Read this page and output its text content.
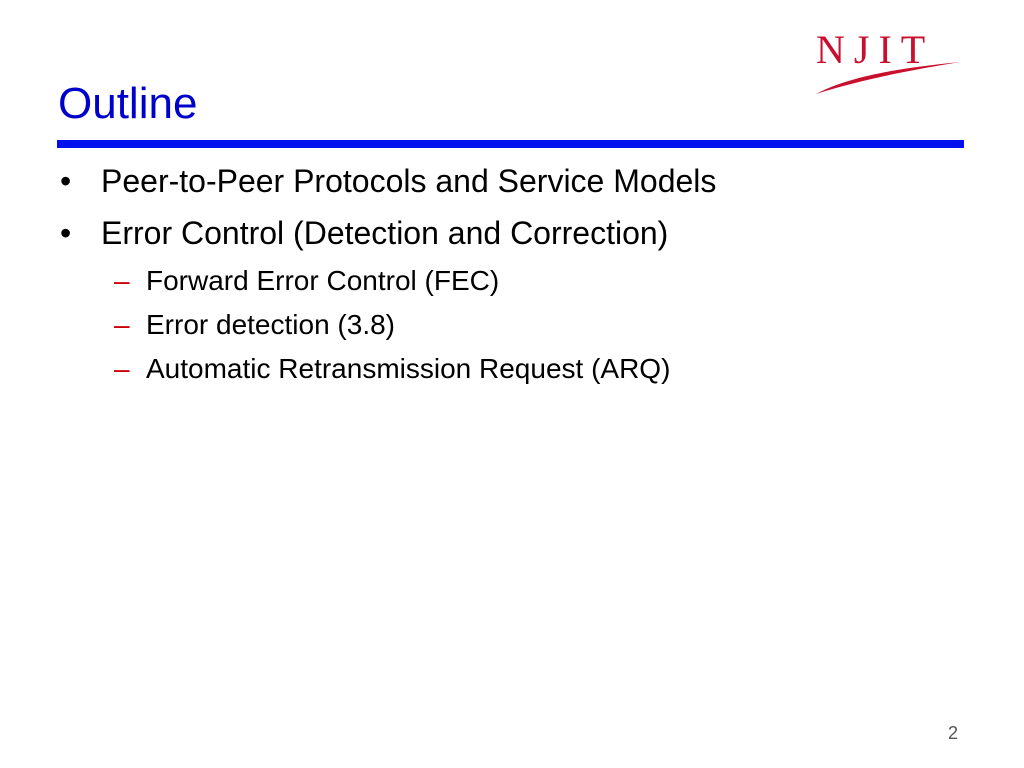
NJIT
Outline
• Peer-to-Peer Protocols and Service Models
• Error Control (Detection and Correction)
– Forward Error Control (FEC)
– Error detection (3.8)
– Automatic Retransmission Request (ARQ)
2
